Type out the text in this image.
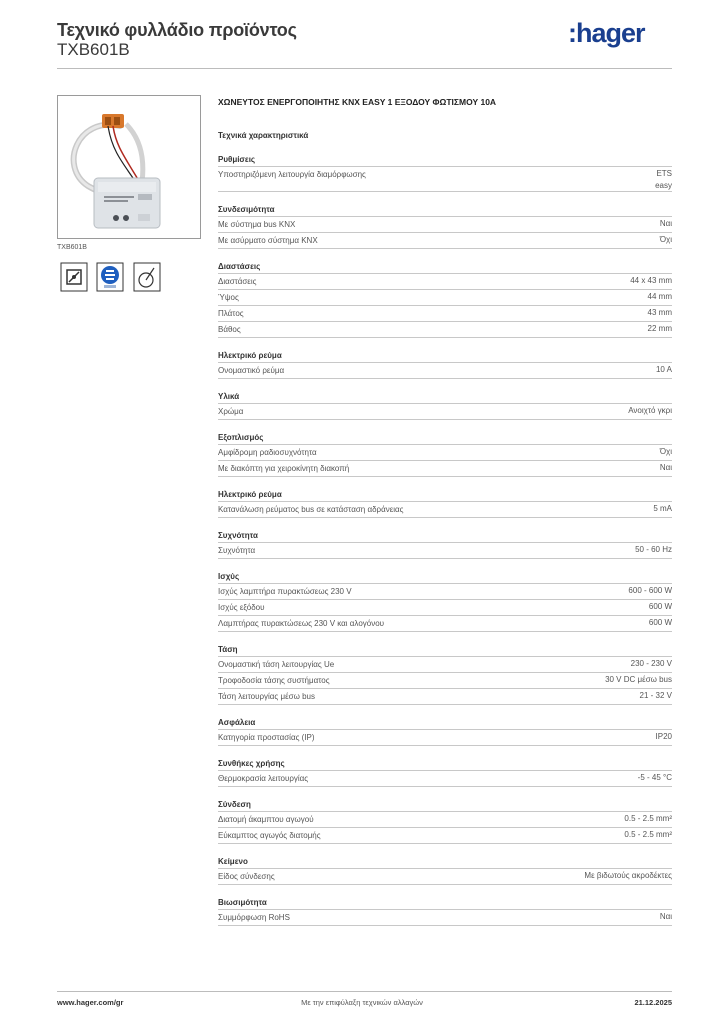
Τεχνικό φυλλάδιο προϊόντος
TXB601B
:hager
TXB601B
ΧΩΝΕΥΤΟΣ ΕΝΕΡΓΟΠΟΙΗΤΗΣ KNX EASY 1 ΕΞΟΔΟΥ ΦΩΤΙΣΜΟΥ 10A
Τεχνικά χαρακτηριστικά
Ρυθμίσεις
Υποστηριζόμενη λειτουργία διαμόρφωσης	ETS
easy
Συνδεσιμότητα
Με σύστημα bus KNX	Ναι
Με ασύρματο σύστημα KNX	Όχι
Διαστάσεις
Διαστάσεις	44 x 43 mm
Ύψος	44 mm
Πλάτος	43 mm
Βάθος	22 mm
Ηλεκτρικό ρεύμα
Ονομαστικό ρεύμα	10 A
Υλικά
Χρώμα	Ανοιχτό γκρι
Εξοπλισμός
Αμφίδρομη ραδιοσυχνότητα	Όχι
Με διακόπτη για χειροκίνητη διακοπή	Ναι
Ηλεκτρικό ρεύμα
Κατανάλωση ρεύματος bus σε κατάσταση αδράνειας	5 mA
Συχνότητα
Συχνότητα	50 - 60 Hz
Ισχύς
Ισχύς λαμπτήρα πυρακτώσεως 230 V	600 - 600 W
Ισχύς εξόδου	600 W
Λαμπτήρας πυρακτώσεως 230 V και αλογόνου	600 W
Τάση
Ονομαστική τάση λειτουργίας Ue	230 - 230 V
Τροφοδοσία τάσης συστήματος	30 V DC μέσω bus
Τάση λειτουργίας μέσω bus	21 - 32 V
Ασφάλεια
Κατηγορία προστασίας (IP)	IP20
Συνθήκες χρήσης
Θερμοκρασία λειτουργίας	-5 - 45 °C
Σύνδεση
Διατομή άκαμπτου αγωγού	0.5 - 2.5 mm²
Εύκαμπτος αγωγός διατομής	0.5 - 2.5 mm²
Κείμενο
Είδος σύνδεσης	Με βιδωτούς ακροδέκτες
Βιωσιμότητα
Συμμόρφωση RoHS	Ναι
www.hager.com/gr	Με την επιφύλαξη τεχνικών αλλαγών	21.12.2025
